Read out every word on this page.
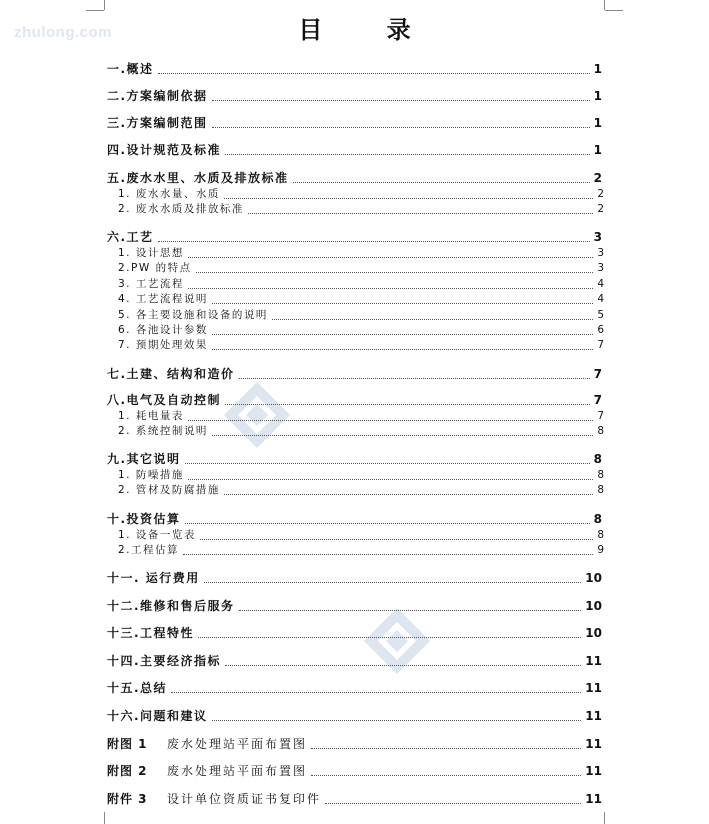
zhulong.com	目 录
一.概述	1
二.方案编制依据	1
三.方案编制范围	1
四.设计规范及标准	1
五.废水水里、水质及排放标准	2
1. 废水水量、水质	2
2. 废水水质及排放标准	2
六.工艺	3
1. 设计思想	3
2.PW 的特点	3
3. 工艺流程	4
4. 工艺流程说明	4
5. 各主要设施和设备的说明	5
6. 各池设计参数	6
7. 预期处理效果	7
七.土建、结构和造价	7
八.电气及自动控制	7
1. 耗电量表	7
2. 系统控制说明	8
九.其它说明	8
1. 防噪措施	8
2. 管材及防腐措施	8
十.投资估算	8
1. 设备一览表	8
2.工程估算	9
十一. 运行费用	10
十二.维修和售后服务	10
十三.工程特性	10
十四.主要经济指标	11
十五.总结	11
十六.问题和建议	11
附图 1	废水处理站平面布置图	11
附图 2	废水处理站平面布置图	11
附件 3	设计单位资质证书复印件	11
